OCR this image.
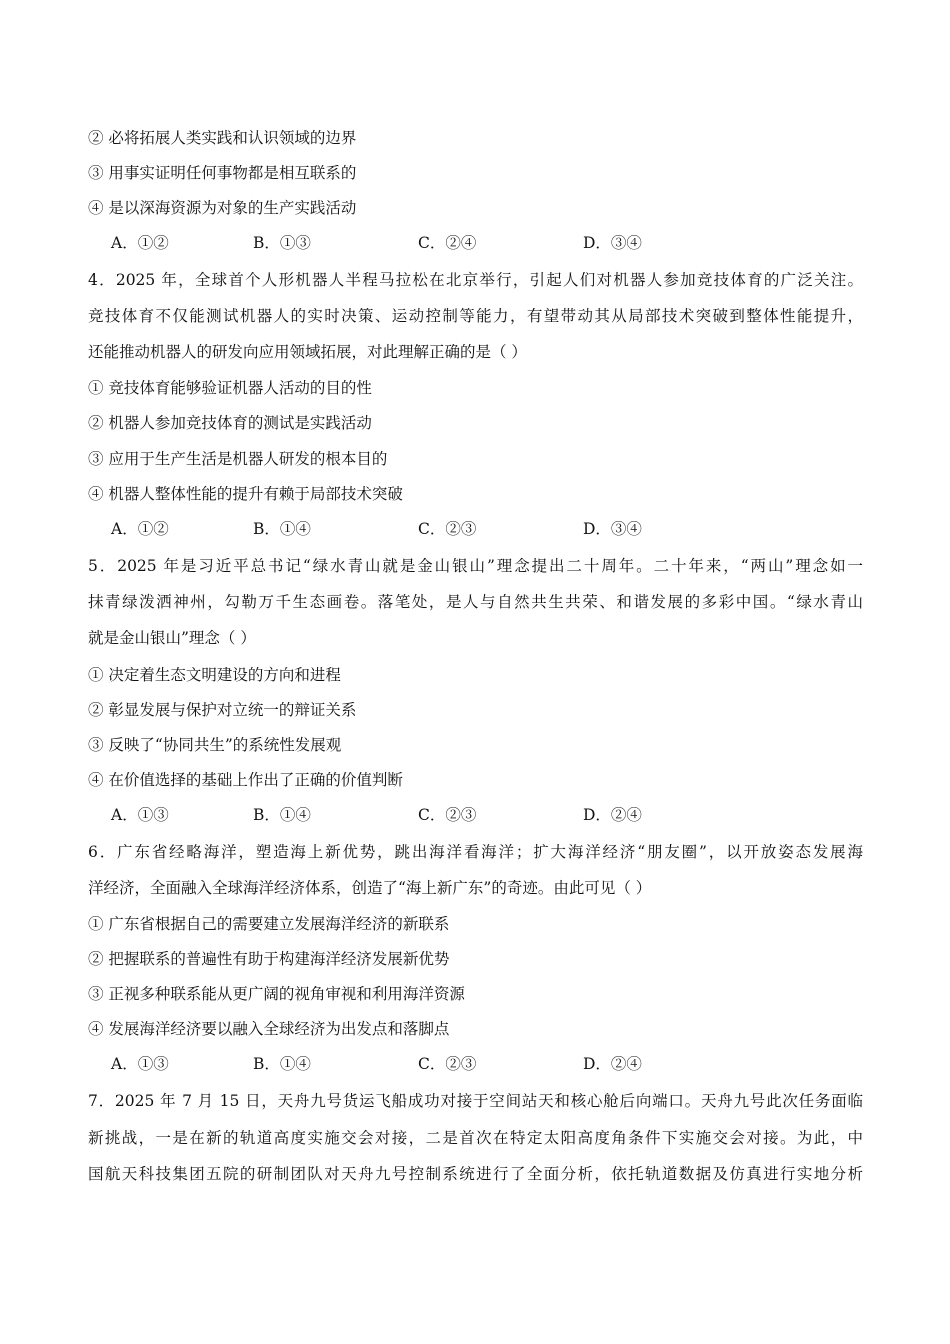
② 必将拓展人类实践和认识领域的边界
③ 用事实证明任何事物都是相互联系的
④ 是以深海资源为对象的生产实践活动
A．①②	B．①③	C．②④	D．③④
4．2025 年，全球首个人形机器人半程马拉松在北京举行，引起人们对机器人参加竞技体育的广泛关注。
竞技体育不仅能测试机器人的实时决策、运动控制等能力，有望带动其从局部技术突破到整体性能提升，
还能推动机器人的研发向应用领域拓展，对此理解正确的是（ ）
① 竞技体育能够验证机器人活动的目的性
② 机器人参加竞技体育的测试是实践活动
③ 应用于生产生活是机器人研发的根本目的
④ 机器人整体性能的提升有赖于局部技术突破
A．①②	B．①④	C．②③	D．③④
5．2025 年是习近平总书记“绿水青山就是金山银山”理念提出二十周年。二十年来，“两山”理念如一
抹青绿泼洒神州，勾勒万千生态画卷。落笔处，是人与自然共生共荣、和谐发展的多彩中国。“绿水青山
就是金山银山”理念（ ）
① 决定着生态文明建设的方向和进程
② 彰显发展与保护对立统一的辩证关系
③ 反映了“协同共生”的系统性发展观
④ 在价值选择的基础上作出了正确的价值判断
A．①③	B．①④	C．②③	D．②④
6．广东省经略海洋，塑造海上新优势，跳出海洋看海洋；扩大海洋经济“朋友圈”，以开放姿态发展海
洋经济，全面融入全球海洋经济体系，创造了“海上新广东”的奇迹。由此可见（ ）
① 广东省根据自己的需要建立发展海洋经济的新联系
② 把握联系的普遍性有助于构建海洋经济发展新优势
③ 正视多种联系能从更广阔的视角审视和利用海洋资源
④ 发展海洋经济要以融入全球经济为出发点和落脚点
A．①③	B．①④	C．②③	D．②④
7．2025 年 7 月 15 日，天舟九号货运飞船成功对接于空间站天和核心舱后向端口。天舟九号此次任务面临
新挑战，一是在新的轨道高度实施交会对接，二是首次在特定太阳高度角条件下实施交会对接。为此，中
国航天科技集团五院的研制团队对天舟九号控制系统进行了全面分析，依托轨道数据及仿真进行实地分析
